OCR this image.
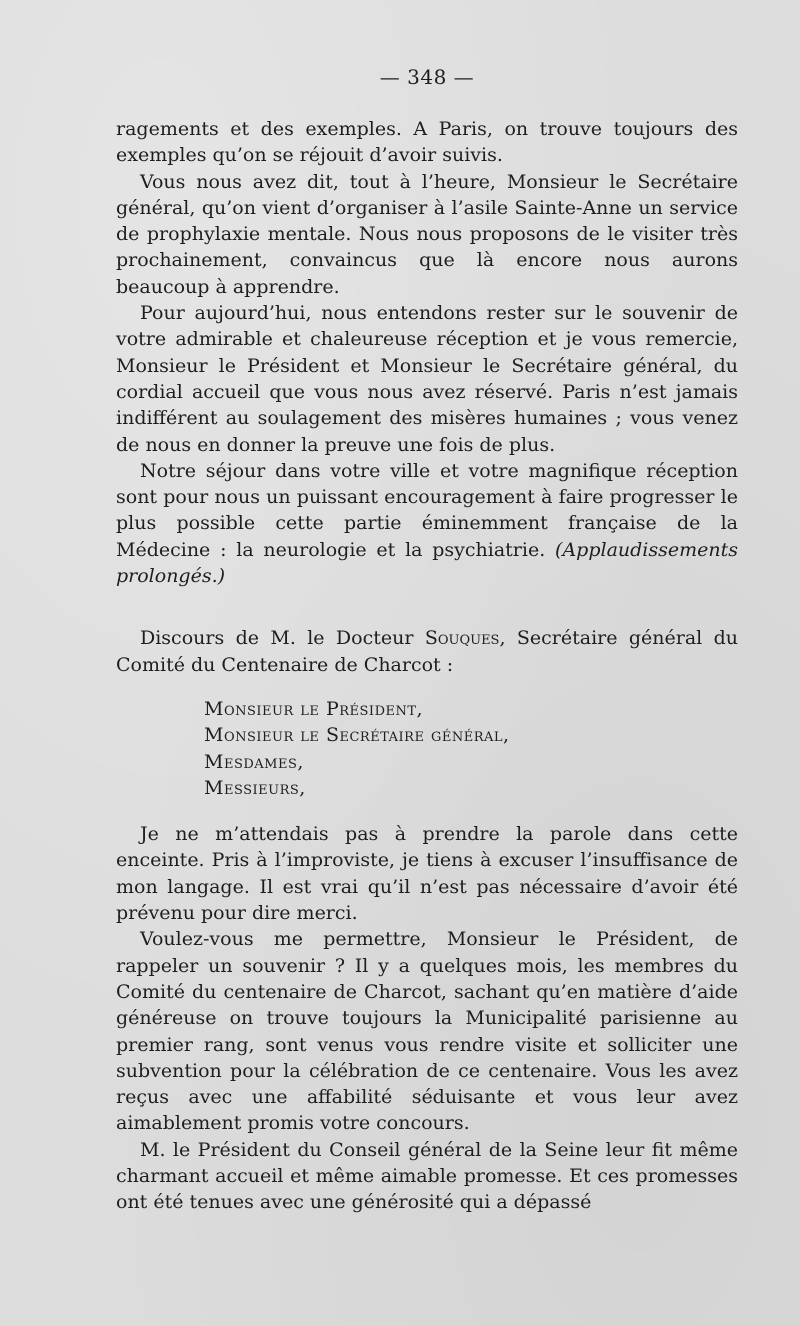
— 348 —

ragements et des exemples. A Paris, on trouve toujours des exemples qu’on se réjouit d’avoir suivis.

Vous nous avez dit, tout à l’heure, Monsieur le Secrétaire général, qu’on vient d’organiser à l’asile Sainte-Anne un service de prophylaxie mentale. Nous nous proposons de le visiter très prochainement, convaincus que là encore nous aurons beaucoup à apprendre.

Pour aujourd’hui, nous entendons rester sur le souvenir de votre admirable et chaleureuse réception et je vous remercie, Monsieur le Président et Monsieur le Secrétaire général, du cordial accueil que vous nous avez réservé. Paris n’est jamais indifférent au soulagement des misères humaines ; vous venez de nous en donner la preuve une fois de plus.

Notre séjour dans votre ville et votre magnifique réception sont pour nous un puissant encouragement à faire progresser le plus possible cette partie éminemment française de la Médecine : la neurologie et la psychiatrie. (Applaudissements prolongés.)

Discours de M. le Docteur Souques, Secrétaire général du Comité du Centenaire de Charcot :

Monsieur le Président,
Monsieur le Secrétaire général,
Mesdames,
Messieurs,

Je ne m’attendais pas à prendre la parole dans cette enceinte. Pris à l’improviste, je tiens à excuser l’insuffisance de mon langage. Il est vrai qu’il n’est pas nécessaire d’avoir été prévenu pour dire merci.

Voulez-vous me permettre, Monsieur le Président, de rappeler un souvenir ? Il y a quelques mois, les membres du Comité du centenaire de Charcot, sachant qu’en matière d’aide généreuse on trouve toujours la Municipalité parisienne au premier rang, sont venus vous rendre visite et solliciter une subvention pour la célébration de ce centenaire. Vous les avez reçus avec une affabilité séduisante et vous leur avez aimablement promis votre concours.

M. le Président du Conseil général de la Seine leur fit même charmant accueil et même aimable promesse. Et ces promesses ont été tenues avec une générosité qui a dépassé
